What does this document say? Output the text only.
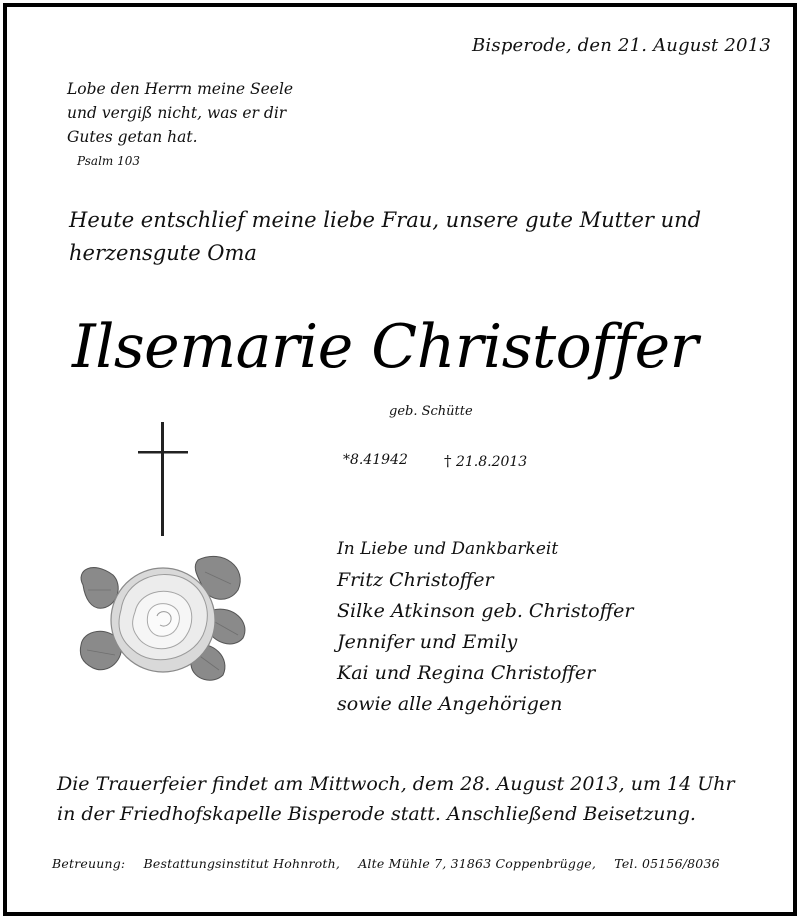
Bisperode, den 21. August 2013
Lobe den Herrn meine Seele
und vergiß nicht, was er dir
Gutes getan hat.
Psalm 103
Heute entschlief meine liebe Frau, unsere gute Mutter und
herzensgute Oma
Ilsemarie Christoffer
geb. Schütte
*8.41942 † 21.8.2013
In Liebe und Dankbarkeit
Fritz Christoffer
Silke Atkinson geb. Christoffer
Jennifer und Emily
Kai und Regina Christoffer
sowie alle Angehörigen
Die Trauerfeier findet am Mittwoch, dem 28. August 2013, um 14 Uhr
in der Friedhofskapelle Bisperode statt. Anschließend Beisetzung.
Betreuung: Bestattungsinstitut Hohnroth, Alte Mühle 7, 31863 Coppenbrügge, Tel. 05156/8036
